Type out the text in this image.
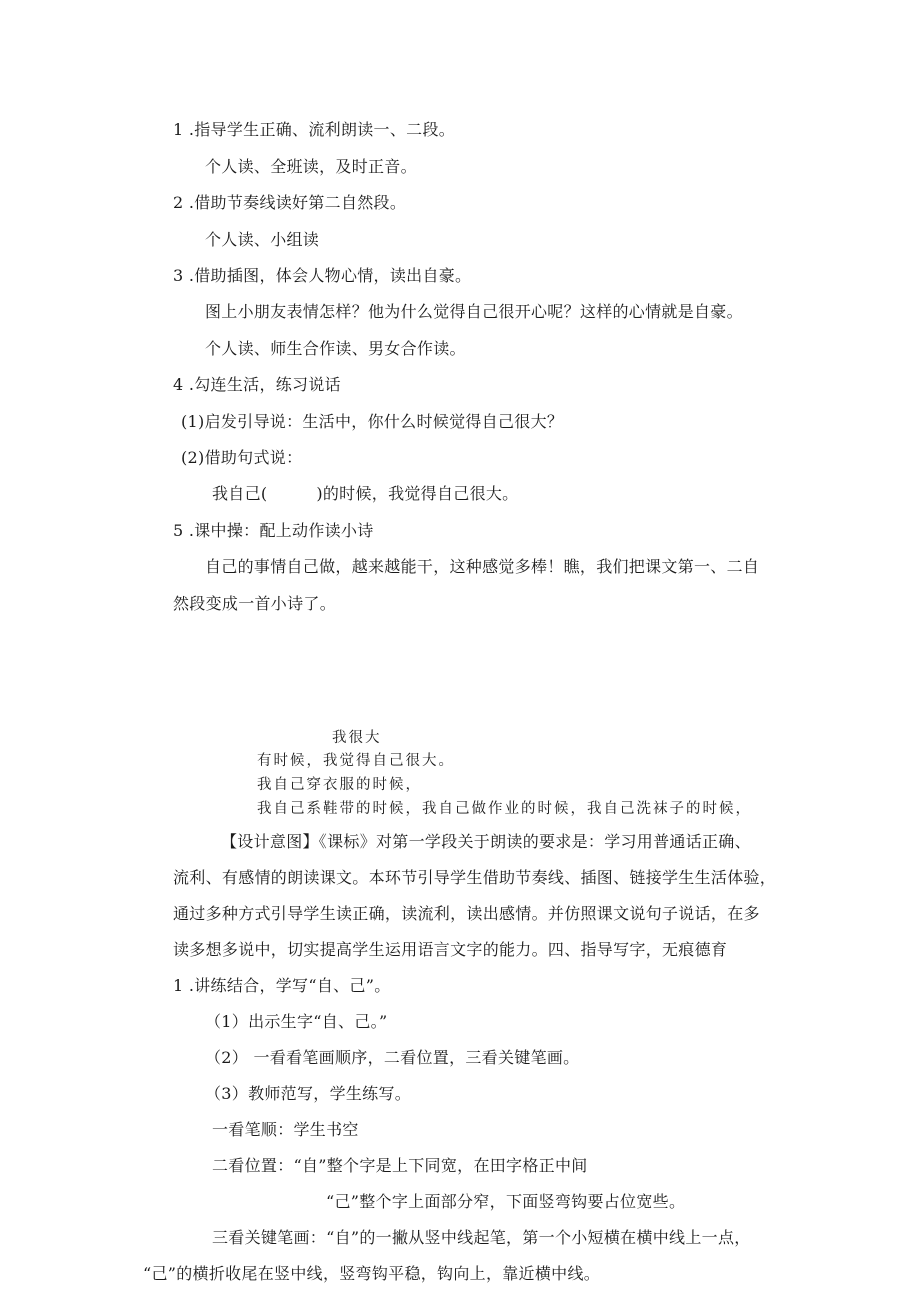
1 .指导学生正确、流利朗读一、二段。
个人读、全班读，及时正音。
2 .借助节奏线读好第二自然段。
个人读、小组读
3 .借助插图，体会人物心情，读出自豪。
图上小朋友表情怎样？他为什么觉得自己很开心呢？这样的心情就是自豪。
个人读、师生合作读、男女合作读。
4 .勾连生活，练习说话
(1)启发引导说：生活中，你什么时候觉得自己很大？
(2)借助句式说：
我自己(　　　)的时候，我觉得自己很大。
5 .课中操：配上动作读小诗
自己的事情自己做，越来越能干，这种感觉多棒！瞧，我们把课文第一、二自
然段变成一首小诗了。
我很大
有时候，我觉得自己很大。
我自己穿衣服的时候，
我自己系鞋带的时候，我自己做作业的时候，我自己洗袜子的时候，
【设计意图】《课标》对第一学段关于朗读的要求是：学习用普通话正确、
流利、有感情的朗读课文。本环节引导学生借助节奏线、插图、链接学生生活体验，
通过多种方式引导学生读正确，读流利，读出感情。并仿照课文说句子说话，在多
读多想多说中，切实提高学生运用语言文字的能力。四、指导写字，无痕德育
1 .讲练结合，学写“自、己”。
（1）出示生字“自、己。”
（2） 一看看笔画顺序，二看位置，三看关键笔画。
（3）教师范写，学生练写。
一看笔顺：学生书空
二看位置：“自”整个字是上下同宽，在田字格正中间
“己”整个字上面部分窄，下面竖弯钩要占位宽些。
三看关键笔画：“自”的一撇从竖中线起笔，第一个小短横在横中线上一点，
“己”的横折收尾在竖中线，竖弯钩平稳，钩向上，靠近横中线。
